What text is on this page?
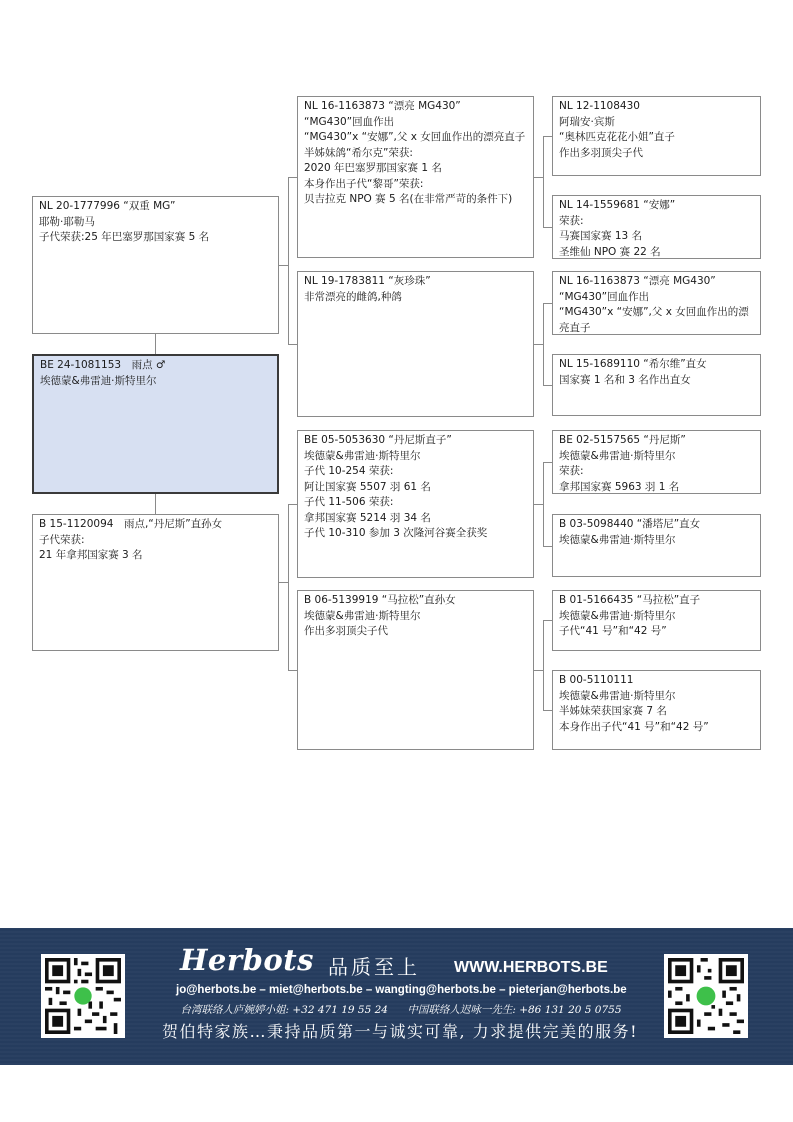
NL 20-1777996 “双重 MG”
耶勒·耶勒马
子代荣获:25 年巴塞罗那国家赛 5 名
BE 24-1081153　雨点 ♂
埃德蒙&弗雷迪·斯特里尔
B 15-1120094　雨点,“丹尼斯”直孙女
子代荣获:
21 年拿邦国家赛 3 名
NL 16-1163873 “漂亮 MG430”
“MG430”回血作出
“MG430”x “安娜”,父 x 女回血作出的漂亮直子
半姊妹鸽“希尔克”荣获:
2020 年巴塞罗那国家赛 1 名
本身作出子代“黎哥”荣获:
贝吉拉克 NPO 赛 5 名(在非常严苛的条件下)
NL 19-1783811 “灰珍珠”
非常漂亮的雌鸽,种鸽
BE 05-5053630 “丹尼斯直子”
埃德蒙&弗雷迪·斯特里尔
子代 10-254 荣获:
阿让国家赛 5507 羽 61 名
子代 11-506 荣获:
拿邦国家赛 5214 羽 34 名
子代 10-310 参加 3 次隆河谷赛全获奖
B 06-5139919 “马拉松”直孙女
埃德蒙&弗雷迪·斯特里尔
作出多羽顶尖子代
NL 12-1108430
阿瑞安·宾斯
“奥林匹克花花小姐”直子
作出多羽顶尖子代
NL 14-1559681 “安娜”
荣获:
马赛国家赛 13 名
圣维仙 NPO 赛 22 名
NL 16-1163873 “漂亮 MG430”
“MG430”回血作出
“MG430”x “安娜”,父 x 女回血作出的漂亮直子
NL 15-1689110 “希尔维”直女
国家赛 1 名和 3 名作出直女
BE 02-5157565 “丹尼斯”
埃德蒙&弗雷迪·斯特里尔
荣获:
拿邦国家赛 5963 羽 1 名
B 03-5098440 “潘塔尼”直女
埃德蒙&弗雷迪·斯特里尔
B 01-5166435 “马拉松”直子
埃德蒙&弗雷迪·斯特里尔
子代“41 号”和“42 号”
B 00-5110111
埃德蒙&弗雷迪·斯特里尔
半姊妹荣获国家赛 7 名
本身作出子代“41 号”和“42 号”
Herbots 品质至上 WWW.HERBOTS.BE
jo@herbots.be – miet@herbots.be – wangting@herbots.be – pieterjan@herbots.be
台湾联络人庐婉婷小姐: +32 471 19 55 24 中国联络人迟咏一先生: +86 131 20 5 0755
贺伯特家族…秉持品质第一与诚实可靠, 力求提供完美的服务!
